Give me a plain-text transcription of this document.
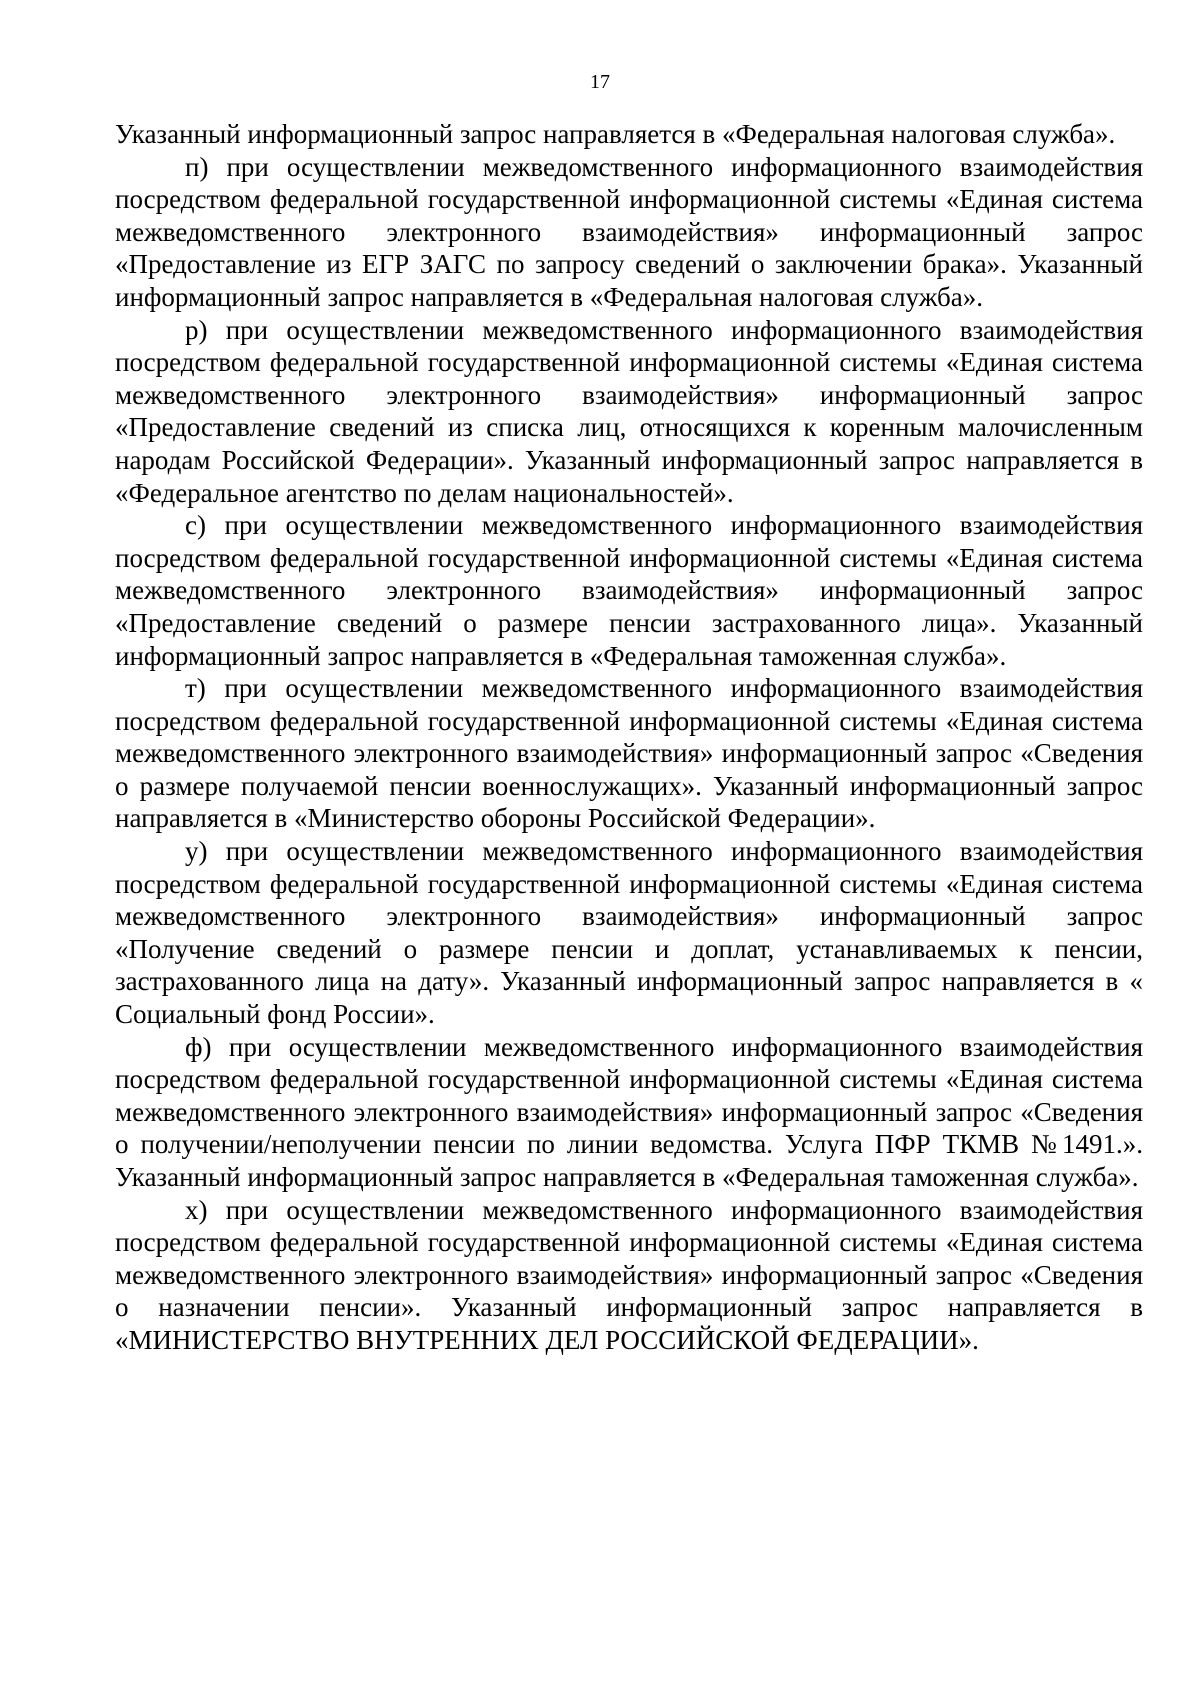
17

Указанный информационный запрос направляется в «Федеральная налоговая служба».

п) при осуществлении межведомственного информационного взаимодействия посредством федеральной государственной информационной системы «Единая система межведомственного электронного взаимодействия» информационный запрос «Предоставление из ЕГР ЗАГС по запросу сведений о заключении брака». Указанный информационный запрос направляется в «Федеральная налоговая служба».

р) при осуществлении межведомственного информационного взаимодействия посредством федеральной государственной информационной системы «Единая система межведомственного электронного взаимодействия» информационный запрос «Предоставление сведений из списка лиц, относящихся к коренным малочисленным народам Российской Федерации». Указанный информационный запрос направляется в «Федеральное агентство по делам национальностей».

с) при осуществлении межведомственного информационного взаимодействия посредством федеральной государственной информационной системы «Единая система межведомственного электронного взаимодействия» информационный запрос «Предоставление сведений о размере пенсии застрахованного лица». Указанный информационный запрос направляется в «Федеральная таможенная служба».

т) при осуществлении межведомственного информационного взаимодействия посредством федеральной государственной информационной системы «Единая система межведомственного электронного взаимодействия» информационный запрос «Сведения о размере получаемой пенсии военнослужащих». Указанный информационный запрос направляется в «Министерство обороны Российской Федерации».

у) при осуществлении межведомственного информационного взаимодействия посредством федеральной государственной информационной системы «Единая система межведомственного электронного взаимодействия» информационный запрос «Получение сведений о размере пенсии и доплат, устанавливаемых к пенсии, застрахованного лица на дату». Указанный информационный запрос направляется в « Социальный фонд России».

ф) при осуществлении межведомственного информационного взаимодействия посредством федеральной государственной информационной системы «Единая система межведомственного электронного взаимодействия» информационный запрос «Сведения о получении/неполучении пенсии по линии ведомства. Услуга ПФР ТКМВ №1491.». Указанный информационный запрос направляется в «Федеральная таможенная служба».

х) при осуществлении межведомственного информационного взаимодействия посредством федеральной государственной информационной системы «Единая система межведомственного электронного взаимодействия» информационный запрос «Сведения о назначении пенсии». Указанный информационный запрос направляется в «МИНИСТЕРСТВО ВНУТРЕННИХ ДЕЛ РОССИЙСКОЙ ФЕДЕРАЦИИ».
